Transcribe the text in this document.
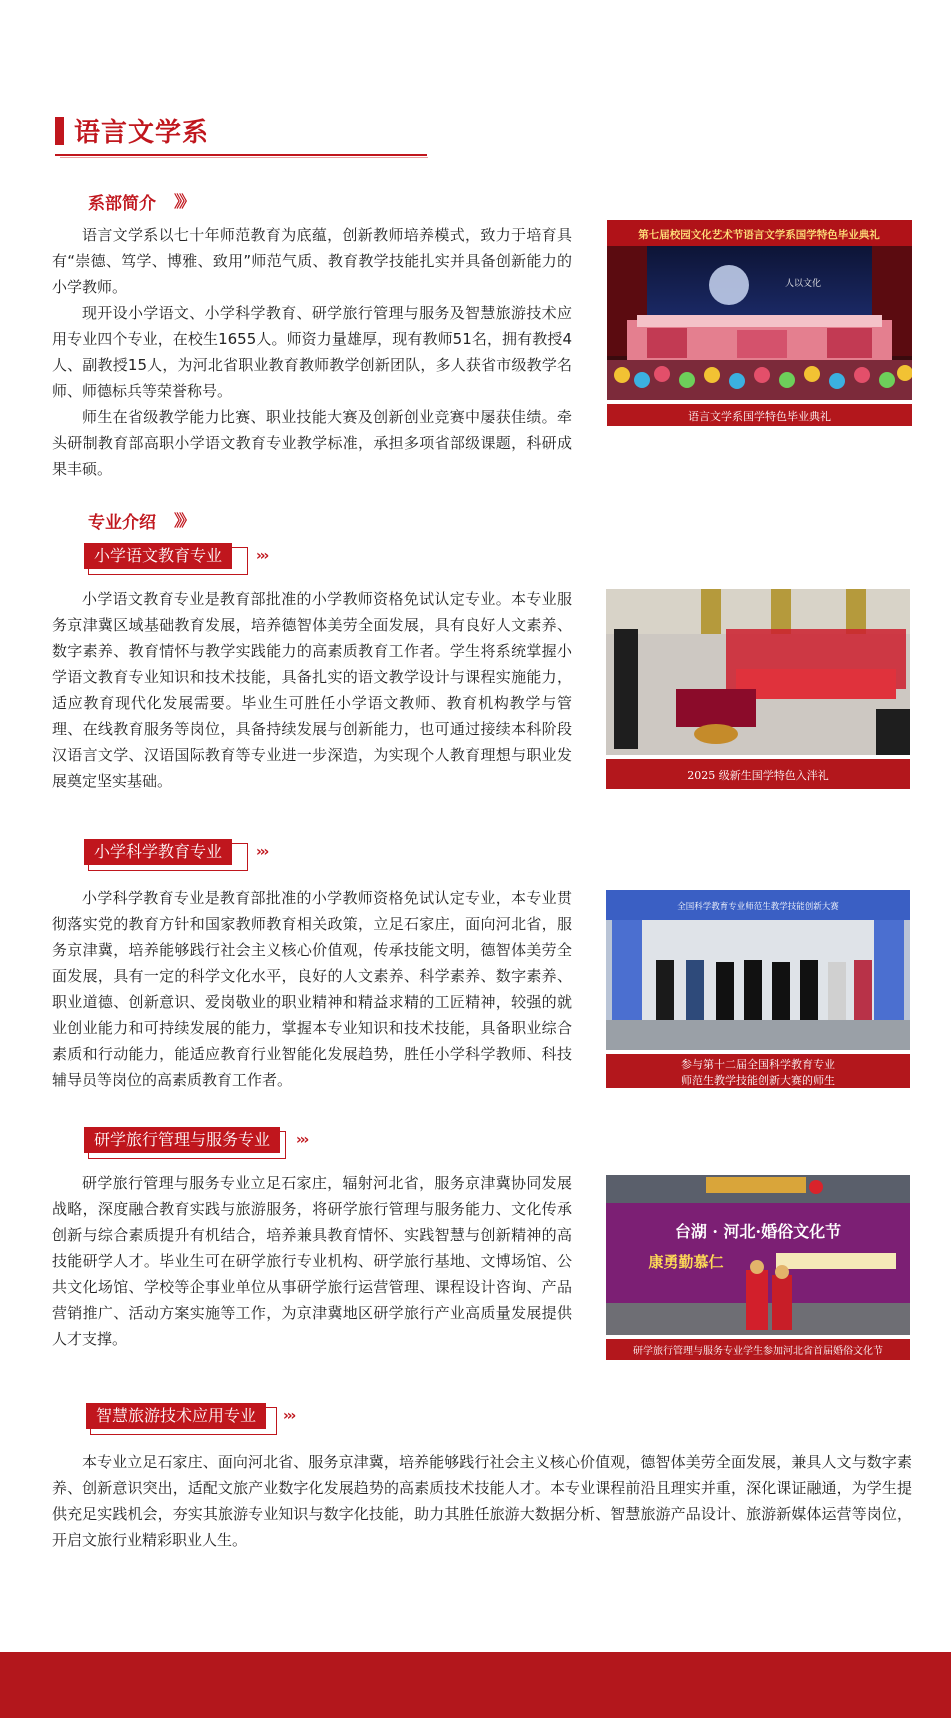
语言文学系
系部简介 》》

语言文学系以七十年师范教育为底蕴，创新教师培养模式，致力于培育具有“崇德、笃学、博雅、致用”师范气质、教育教学技能扎实并具备创新能力的小学教师。

现开设小学语文、小学科学教育、研学旅行管理与服务及智慧旅游技术应用专业四个专业，在校生1655人。师资力量雄厚，现有教师51名，拥有教授4人、副教授15人，为河北省职业教育教师教学创新团队，多人获省市级教学名师、师德标兵等荣誉称号。

师生在省级教学能力比赛、职业技能大赛及创新创业竞赛中屡获佳绩。牵头研制教育部高职小学语文教育专业教学标准，承担多项省部级课题，科研成果丰硕。

第七届校园文化艺术节语言文学系国学特色毕业典礼
人以文化
语言文学系国学特色毕业典礼
专业介绍 》》
小学语文教育专业	›››

小学语文教育专业是教育部批准的小学教师资格免试认定专业。本专业服务京津冀区域基础教育发展，培养德智体美劳全面发展，具有良好人文素养、数字素养、教育情怀与教学实践能力的高素质教育工作者。学生将系统掌握小学语文教育专业知识和技术技能，具备扎实的语文教学设计与课程实施能力，适应教育现代化发展需要。毕业生可胜任小学语文教师、教育机构教学与管理、在线教育服务等岗位，具备持续发展与创新能力，也可通过接续本科阶段汉语言文学、汉语国际教育等专业进一步深造，为实现个人教育理想与职业发展奠定坚实基础。	2025 级新生国学特色入泮礼
小学科学教育专业	›››

小学科学教育专业是教育部批准的小学教师资格免试认定专业，本专业贯彻落实党的教育方针和国家教师教育相关政策，立足石家庄，面向河北省，服务京津冀，培养能够践行社会主义核心价值观，传承技能文明，德智体美劳全面发展，具有一定的科学文化水平，良好的人文素养、科学素养、数字素养、职业道德、创新意识、爱岗敬业的职业精神和精益求精的工匠精神，较强的就业创业能力和可持续发展的能力，掌握本专业知识和技术技能，具备职业综合素质和行动能力，能适应教育行业智能化发展趋势，胜任小学科学教师、科技辅导员等岗位的高素质教育工作者。

全国科学教育专业师范生教学技能创新大赛
参与第十二届全国科学教育专业
师范生教学技能创新大赛的师生
研学旅行管理与服务专业	›››

研学旅行管理与服务专业立足石家庄，辐射河北省，服务京津冀协同发展战略，深度融合教育实践与旅游服务，将研学旅行管理与服务能力、文化传承创新与综合素质提升有机结合，培养兼具教育情怀、实践智慧与创新精神的高技能研学人才。毕业生可在研学旅行专业机构、研学旅行基地、文博场馆、公共文化场馆、学校等企事业单位从事研学旅行运营管理、课程设计咨询、产品营销推广、活动方案实施等工作，为京津冀地区研学旅行产业高质量发展提供人才支撑。

台湖 · 河北·婚俗文化节
康勇勤慕仁
研学旅行管理与服务专业学生参加河北省首届婚俗文化节
智慧旅游技术应用专业	›››

本专业立足石家庄、面向河北省、服务京津冀，培养能够践行社会主义核心价值观，德智体美劳全面发展，兼具人文与数字素养、创新意识突出，适配文旅产业数字化发展趋势的高素质技术技能人才。本专业课程前沿且理实并重，深化课证融通，为学生提供充足实践机会，夯实其旅游专业知识与数字化技能，助力其胜任旅游大数据分析、智慧旅游产品设计、旅游新媒体运营等岗位，开启文旅行业精彩职业人生。
